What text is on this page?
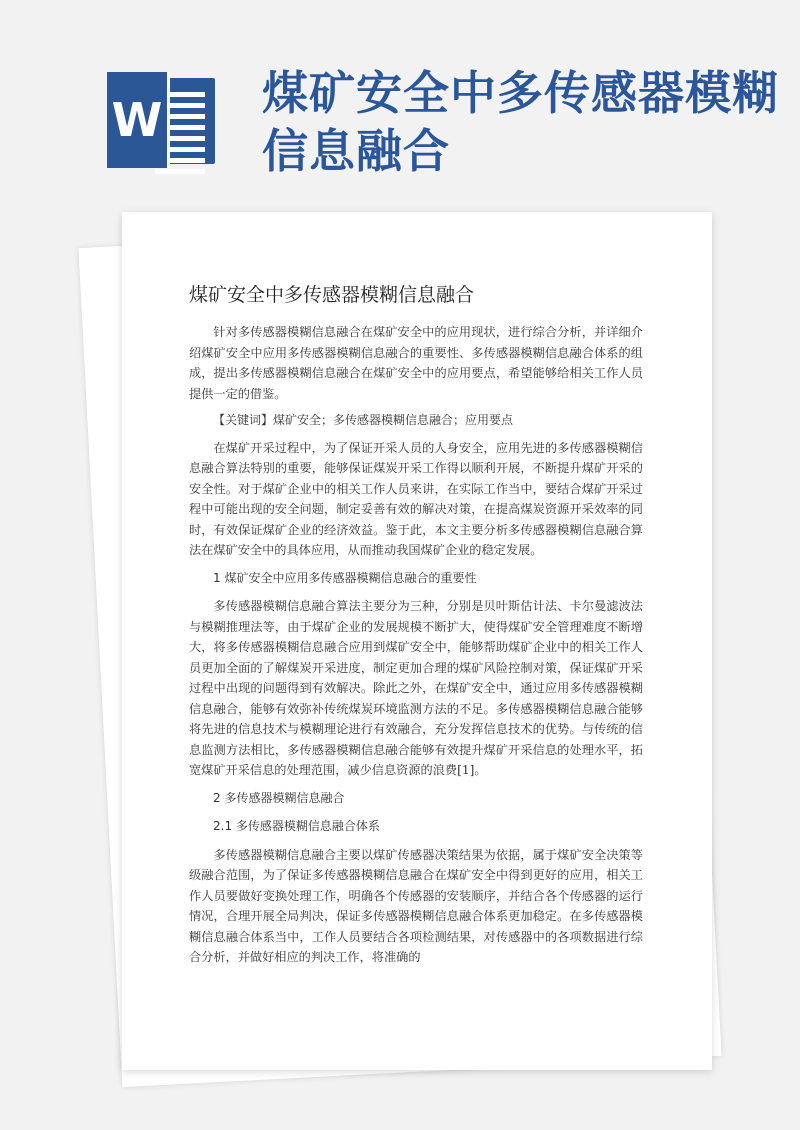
W 煤矿安全中多传感器模糊信息融合
煤矿安全中多传感器模糊信息融合

针对多传感器模糊信息融合在煤矿安全中的应用现状，进行综合分析，并详细介绍煤矿安全中应用多传感器模糊信息融合的重要性、多传感器模糊信息融合体系的组成，提出多传感器模糊信息融合在煤矿安全中的应用要点，希望能够给相关工作人员提供一定的借鉴。

【关键词】煤矿安全；多传感器模糊信息融合；应用要点

在煤矿开采过程中，为了保证开采人员的人身安全，应用先进的多传感器模糊信息融合算法特别的重要，能够保证煤炭开采工作得以顺利开展，不断提升煤矿开采的安全性。对于煤矿企业中的相关工作人员来讲，在实际工作当中，要结合煤矿开采过程中可能出现的安全问题，制定妥善有效的解决对策，在提高煤炭资源开采效率的同时，有效保证煤矿企业的经济效益。鉴于此，本文主要分析多传感器模糊信息融合算法在煤矿安全中的具体应用，从而推动我国煤矿企业的稳定发展。

1 煤矿安全中应用多传感器模糊信息融合的重要性

多传感器模糊信息融合算法主要分为三种，分别是贝叶斯估计法、卡尔曼滤波法与模糊推理法等，由于煤矿企业的发展规模不断扩大，使得煤矿安全管理难度不断增大，将多传感器模糊信息融合应用到煤矿安全中，能够帮助煤矿企业中的相关工作人员更加全面的了解煤炭开采进度，制定更加合理的煤矿风险控制对策，保证煤矿开采过程中出现的问题得到有效解决。除此之外，在煤矿安全中，通过应用多传感器模糊信息融合，能够有效弥补传统煤炭环境监测方法的不足。多传感器模糊信息融合能够将先进的信息技术与模糊理论进行有效融合，充分发挥信息技术的优势。与传统的信息监测方法相比，多传感器模糊信息融合能够有效提升煤矿开采信息的处理水平，拓宽煤矿开采信息的处理范围，减少信息资源的浪费[1]。

2 多传感器模糊信息融合
2.1 多传感器模糊信息融合体系

多传感器模糊信息融合主要以煤矿传感器决策结果为依据，属于煤矿安全决策等级融合范围，为了保证多传感器模糊信息融合在煤矿安全中得到更好的应用，相关工作人员要做好变换处理工作，明确各个传感器的安装顺序，并结合各个传感器的运行情况，合理开展全局判决，保证多传感器模糊信息融合体系更加稳定。在多传感器模糊信息融合体系当中，工作人员要结合各项检测结果，对传感器中的各项数据进行综合分析，并做好相应的判决工作，将准确的
